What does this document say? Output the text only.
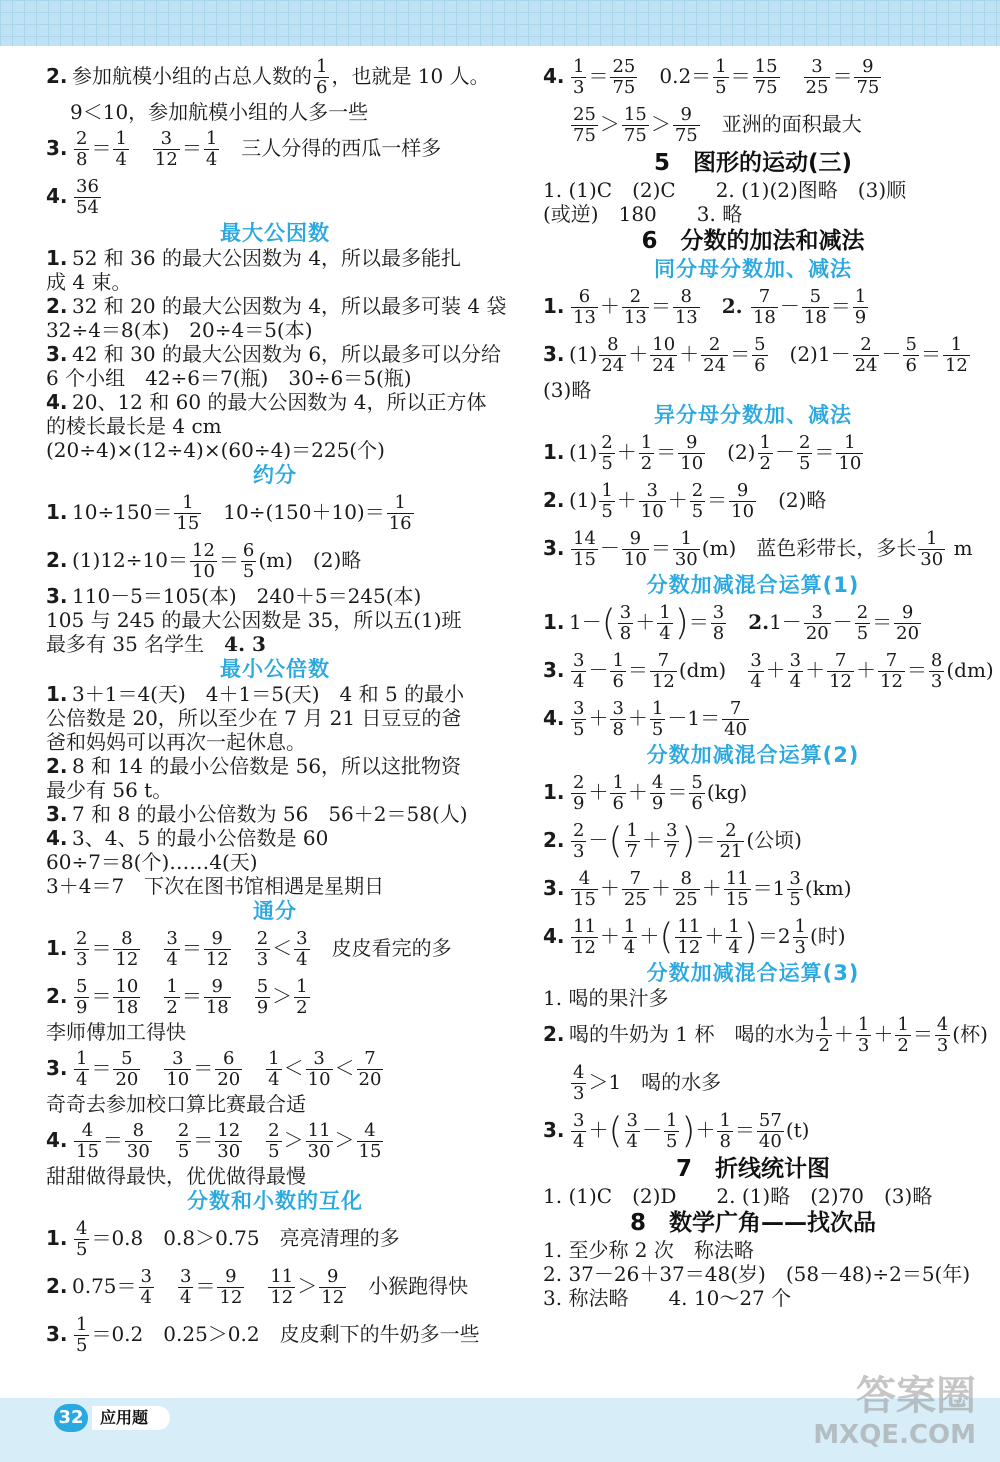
2. 参加航模小组的占总人数的 $\frac{1}{6}$ ，也就是 10 人。
9＜10，参加航模小组的人多一些
3. $\frac{2}{8} = \frac{1}{4}$
　 $\frac{3}{12} = \frac{1}{4}$
　 三人分得的西瓜一样多
4. $\frac{36}{54}$
最大公因数
1. 52 和 36 的最大公因数为 4，所以最多能扎
成 4 束。
2. 32 和 20 的最大公因数为 4，所以最多可装 4 袋
32÷4＝8(本)　20÷4＝5(本)
3. 42 和 30 的最大公因数为 6，所以最多可以分给
6 个小组　42÷6＝7(瓶)　30÷6＝5(瓶)
4. 20、12 和 60 的最大公因数为 4，所以正方体
的棱长最长是 4 cm
(20÷4)×(12÷4)×(60÷4)＝225(个)
约分
1. $10\div 150= \frac{1}{15}$
　 $10\div(150+10)= \frac{1}{16}$
2. $(1)12\div 10= \frac{12}{10} = \frac{6}{5} (m)$　(2)略
3. 110－5＝105(本)　240＋5＝245(本)
105 与 245 的最大公因数是 35，所以五(1)班
最多有 35 名学生　 4. 3
最小公倍数
1. 3＋1＝4(天)　4＋1＝5(天)　4 和 5 的最小
公倍数是 20，所以至少在 7 月 21 日豆豆的爸
爸和妈妈可以再次一起休息。
2. 8 和 14 的最小公倍数是 56，所以这批物资
最少有 56 t。
3. 7 和 8 的最小公倍数为 56　56＋2＝58(人)
4. 3、4、5 的最小公倍数是 60
60÷7＝8(个)……4(天)
3＋4＝7　下次在图书馆相遇是星期日
通分
1. $\frac{2}{3} = \frac{8}{12}$
　 $\frac{3}{4} = \frac{9}{12}$
　 $\frac{2}{3} < \frac{3}{4}$
　 皮皮看完的多
2. $\frac{5}{9} = \frac{10}{18}$
　 $\frac{1}{2} = \frac{9}{18}$
　 $\frac{5}{9} > \frac{1}{2}$
李师傅加工得快
3. $\frac{1}{4} = \frac{5}{20}$
　 $\frac{3}{10} = \frac{6}{20}$
　 $\frac{1}{4} < \frac{3}{10} < \frac{7}{20}$
奇奇去参加校口算比赛最合适
4. $\frac{4}{15} = \frac{8}{30}$
　 $\frac{2}{5} = \frac{12}{30}$
　 $\frac{2}{5} > \frac{11}{30} > \frac{4}{15}$
甜甜做得最快，优优做得最慢
分数和小数的互化
1. $\frac{4}{5} =0.8$　0.8＞0.75　亮亮清理的多
2. $0.75= \frac{3}{4}$
　 $\frac{3}{4} = \frac{9}{12}$
　 $\frac{11}{12} > \frac{9}{12}$
　 小猴跑得快
3. $\frac{1}{5} =0.2$　0.25＞0.2　皮皮剩下的牛奶多一些
4. $\frac{1}{3} = \frac{25}{75}$
　 $0.2= \frac{1}{5} = \frac{15}{75}$
　 $\frac{3}{25} = \frac{9}{75}$
$\frac{25}{75} > \frac{15}{75} > \frac{9}{75}$
　 亚洲的面积最大
5　图形的运动(三)
1. (1)C　(2)C　　2. (1)(2)图略　(3)顺
(或逆)　180　　3. 略
6　分数的加法和减法
同分母分数加、减法
1. $\frac{6}{13} + \frac{2}{13} = \frac{8}{13}$
　 2. $\frac{7}{18} - \frac{5}{18} = \frac{1}{9}$
3. $(1) \frac{8}{24} + \frac{10}{24} + \frac{2}{24} = \frac{5}{6}$ 　$(2)1- \frac{2}{24} - \frac{5}{6} = \frac{1}{12}$
(3)略
异分母分数加、减法
1. $(1) \frac{2}{5} + \frac{1}{2} = \frac{9}{10}$ 　$(2) \frac{1}{2} - \frac{2}{5} = \frac{1}{10}$
2. $(1) \frac{1}{5} + \frac{3}{10} + \frac{2}{5} = \frac{9}{10}$
　 (2)略
3. $\frac{14}{15} - \frac{9}{10} = \frac{1}{30} (m)$　蓝色彩带长，多长 $\frac{1}{30}$ m
分数加减混合运算(1)
1. $1-( \frac{3}{8} + \frac{1}{4}$ )＝ $\frac{3}{8}$
　 $2.1- \frac{3}{20} - \frac{2}{5} = \frac{9}{20}$
3. $\frac{3}{4} - \frac{1}{6} = \frac{7}{12} (dm)$　 $\frac{3}{4} + \frac{3}{4} + \frac{7}{12} + \frac{7}{12} = \frac{8}{3} (dm)$
4. $\frac{3}{5} + \frac{3}{8} + \frac{1}{5} -1= \frac{7}{40}$
分数加减混合运算(2)
1. $\frac{2}{9} + \frac{1}{6} + \frac{4}{9} = \frac{5}{6} (kg)$
2. $\frac{2}{3}$ －( $\frac{1}{7} + \frac{3}{7}$ )＝ $\frac{2}{21}$ (公顷)
3. $\frac{4}{15} + \frac{7}{25} + \frac{8}{25} + \frac{11}{15} =1 \frac{3}{5} (km)$
4. $\frac{11}{12} + \frac{1}{4}$ ＋( $\frac{11}{12} + \frac{1}{4} )=2 \frac{1}{3}$ (时)
分数加减混合运算(3)
1. 喝的果汁多
2. 喝的牛奶为 1 杯　喝的水为 $\frac{1}{2} + \frac{1}{3} + \frac{1}{2} = \frac{4}{3}$ (杯)
$\frac{4}{3} >1$　喝的水多
3. $\frac{3}{4}$ ＋( $\frac{3}{4} - \frac{1}{5}$ )＋ $\frac{1}{8} = \frac{57}{40} (t)$
7　折线统计图
1. (1)C　(2)D　　2. (1)略　(2)70　(3)略
8　数学广角——找次品
1. 至少称 2 次　称法略
2. 37－26＋37＝48(岁)　(58－48)÷2＝5(年)
3. 称法略　　4. 10～27 个
32	应用题	答案圈
MXQE.COM
